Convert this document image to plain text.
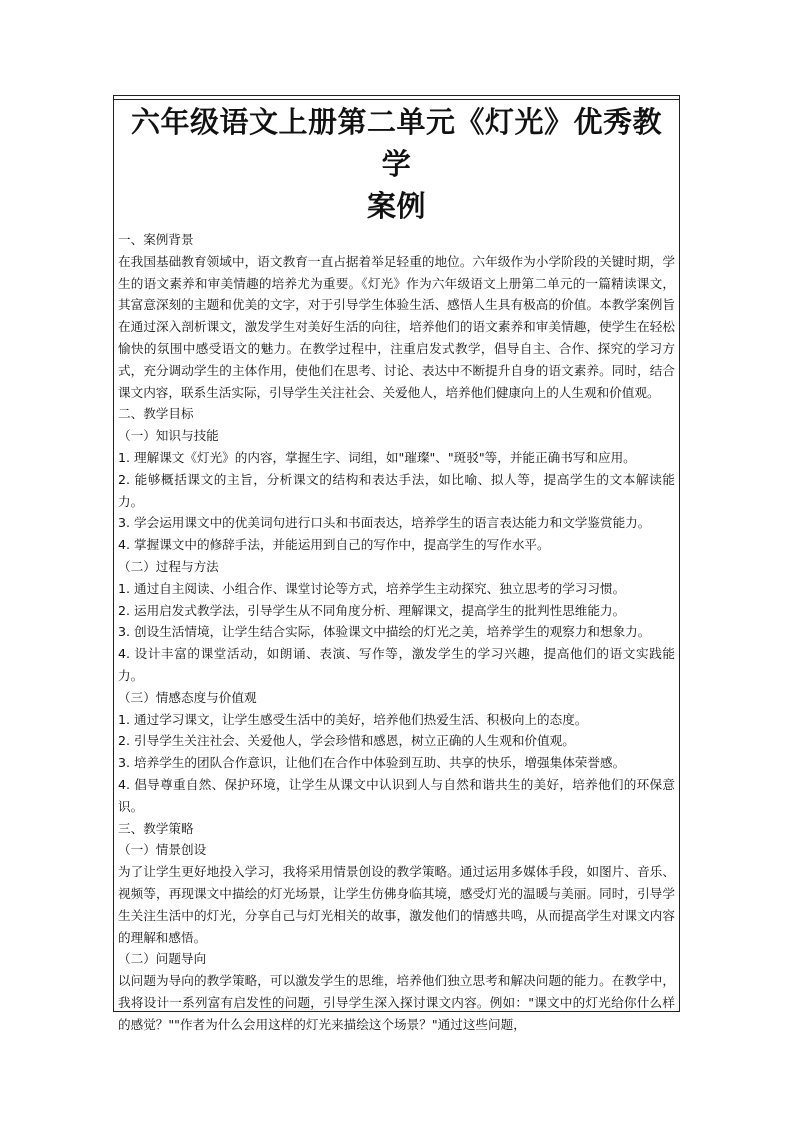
六年级语文上册第二单元《灯光》优秀教学
案例

一、案例背景

在我国基础教育领域中，语文教育一直占据着举足轻重的地位。六年级作为小学阶段的关键时期，学生的语文素养和审美情趣的培养尤为重要。《灯光》作为六年级语文上册第二单元的一篇精读课文，其富意深刻的主题和优美的文字，对于引导学生体验生活、感悟人生具有极高的价值。本教学案例旨在通过深入剖析课文，激发学生对美好生活的向往，培养他们的语文素养和审美情趣，使学生在轻松愉快的氛围中感受语文的魅力。在教学过程中，注重启发式教学，倡导自主、合作、探究的学习方式，充分调动学生的主体作用，使他们在思考、讨论、表达中不断提升自身的语文素养。同时，结合课文内容，联系生活实际，引导学生关注社会、关爱他人，培养他们健康向上的人生观和价值观。

二、教学目标

（一）知识与技能

1. 理解课文《灯光》的内容，掌握生字、词组，如"璀璨"、"斑驳"等，并能正确书写和应用。

2. 能够概括课文的主旨，分析课文的结构和表达手法，如比喻、拟人等，提高学生的文本解读能力。

3. 学会运用课文中的优美词句进行口头和书面表达，培养学生的语言表达能力和文学鉴赏能力。

4. 掌握课文中的修辞手法，并能运用到自己的写作中，提高学生的写作水平。

（二）过程与方法

1. 通过自主阅读、小组合作、课堂讨论等方式，培养学生主动探究、独立思考的学习习惯。

2. 运用启发式教学法，引导学生从不同角度分析、理解课文，提高学生的批判性思维能力。

3. 创设生活情境，让学生结合实际，体验课文中描绘的灯光之美，培养学生的观察力和想象力。

4. 设计丰富的课堂活动，如朗诵、表演、写作等，激发学生的学习兴趣，提高他们的语文实践能力。

（三）情感态度与价值观

1. 通过学习课文，让学生感受生活中的美好，培养他们热爱生活、积极向上的态度。

2. 引导学生关注社会、关爱他人，学会珍惜和感恩，树立正确的人生观和价值观。

3. 培养学生的团队合作意识，让他们在合作中体验到互助、共享的快乐，增强集体荣誉感。

4. 倡导尊重自然、保护环境，让学生从课文中认识到人与自然和谐共生的美好，培养他们的环保意识。

三、教学策略

（一）情景创设

为了让学生更好地投入学习，我将采用情景创设的教学策略。通过运用多媒体手段，如图片、音乐、视频等，再现课文中描绘的灯光场景，让学生仿佛身临其境，感受灯光的温暖与美丽。同时，引导学生关注生活中的灯光，分享自己与灯光相关的故事，激发他们的情感共鸣，从而提高学生对课文内容的理解和感悟。

（二）问题导向

以问题为导向的教学策略，可以激发学生的思维，培养他们独立思考和解决问题的能力。在教学中，我将设计一系列富有启发性的问题，引导学生深入探讨课文内容。例如："课文中的灯光给你什么样的感觉？""作者为什么会用这样的灯光来描绘这个场景？"通过这些问题，
